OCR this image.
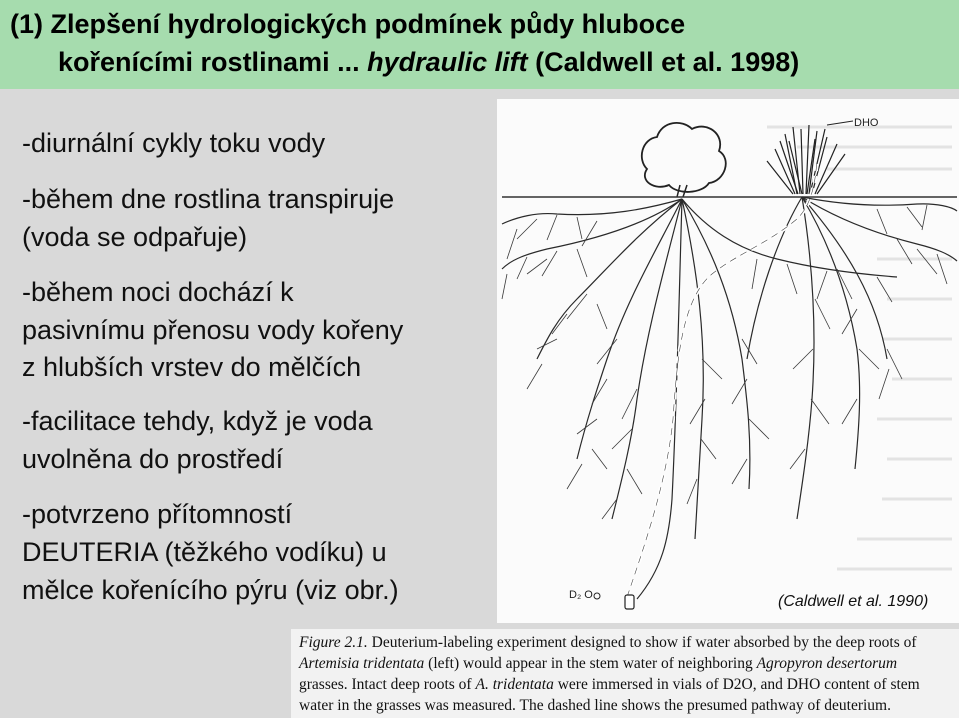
(1) Zlepšení hydrologických podmínek půdy hluboce
kořenícími rostlinami ... hydraulic lift (Caldwell et al. 1998)
-diurnální cykly toku vody
-během dne rostlina transpiruje
(voda se odpařuje)
-během noci dochází k
pasivnímu přenosu vody kořeny
z hlubších vrstev do mělčích
-facilitace tehdy, když je voda
uvolněna do prostředí
-potvrzeno přítomností
DEUTERIA (těžkého vodíku) u
mělce kořenícího pýru (viz obr.)
DHO
D₂ O	(Caldwell et al. 1990)
Figure 2.1. Deuterium-labeling experiment designed to show if water absorbed by the deep roots of
Artemisia tridentata (left) would appear in the stem water of neighboring Agropyron desertorum
grasses. Intact deep roots of A. tridentata were immersed in vials of D2O, and DHO content of stem
water in the grasses was measured. The dashed line shows the presumed pathway of deuterium.
